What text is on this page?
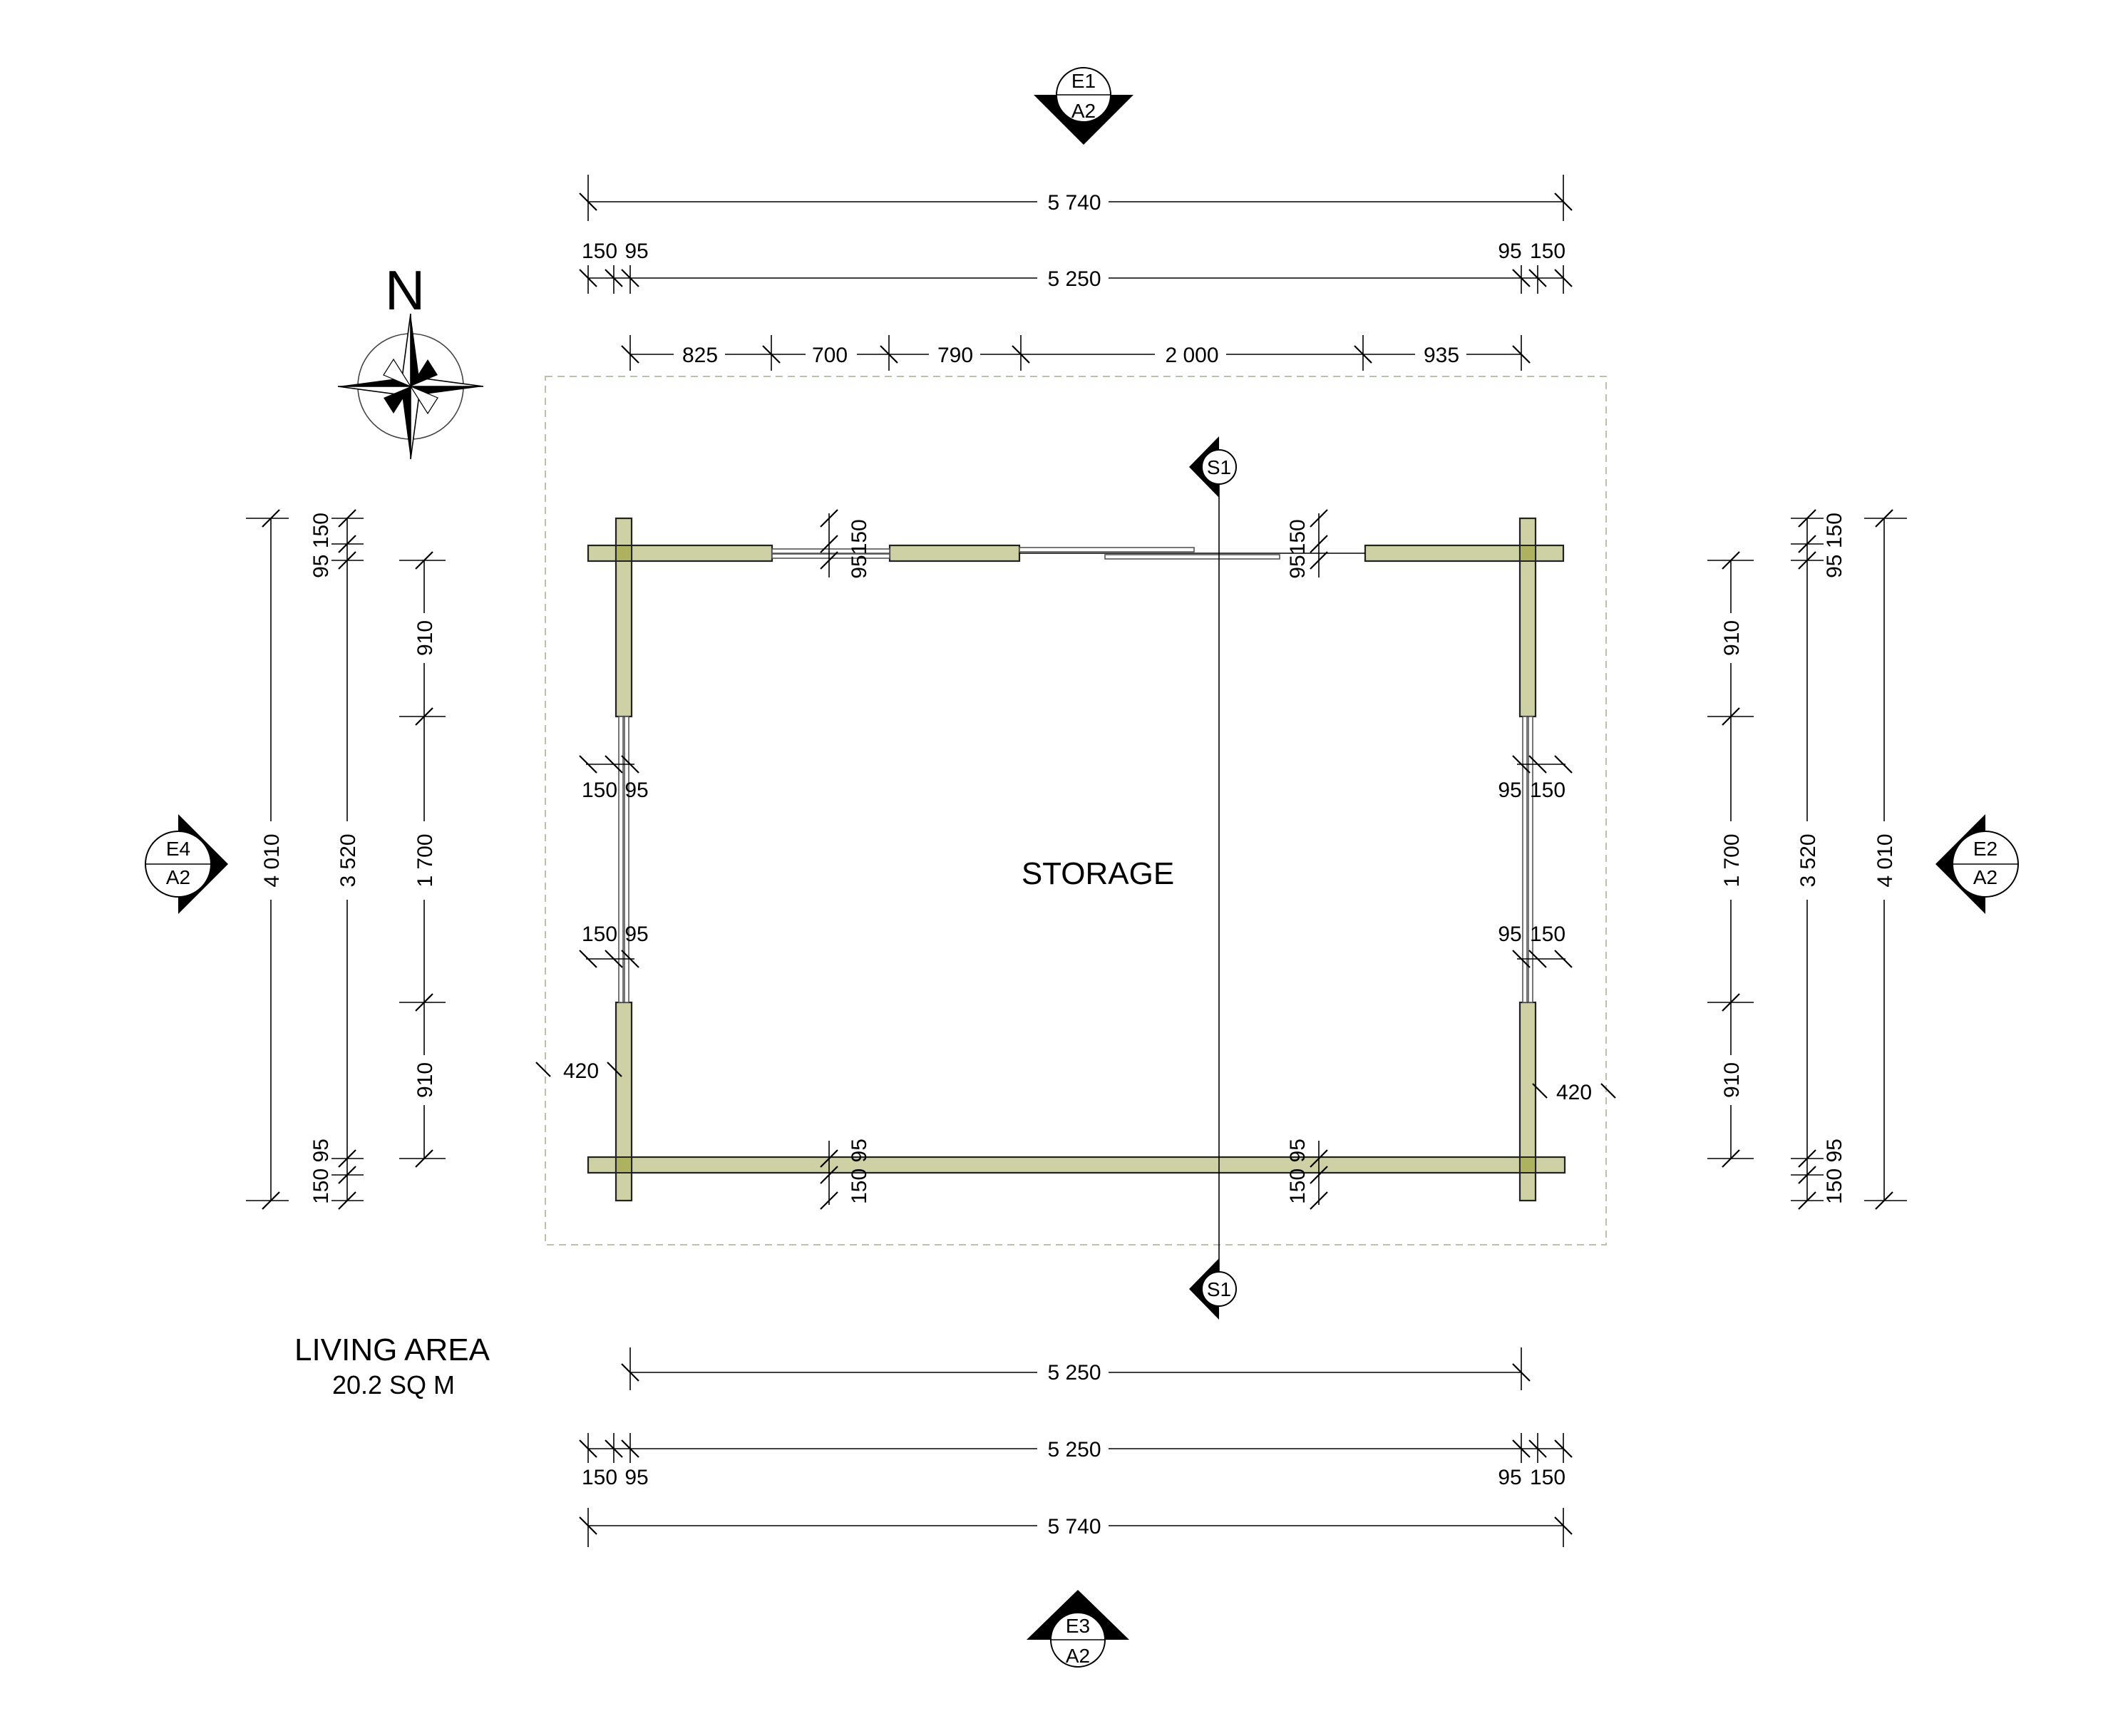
N
S1
S1
E1
A2
E3
A2
E4
A2
E2
A2
STORAGE
LIVING AREA
20.2 SQ M
5 740
150 95
5 250
95 150
825	700	790	2 000	935
5 250
5 250
150 95	95 150
5 740
4 010 3 520	1 700
910
910
95 150
150 95
4 010
3 520
1 700
910
910
95 150
150 95
150 95
150 95
95 150
95 150
95150	95150
150 95	150 95
420
420
